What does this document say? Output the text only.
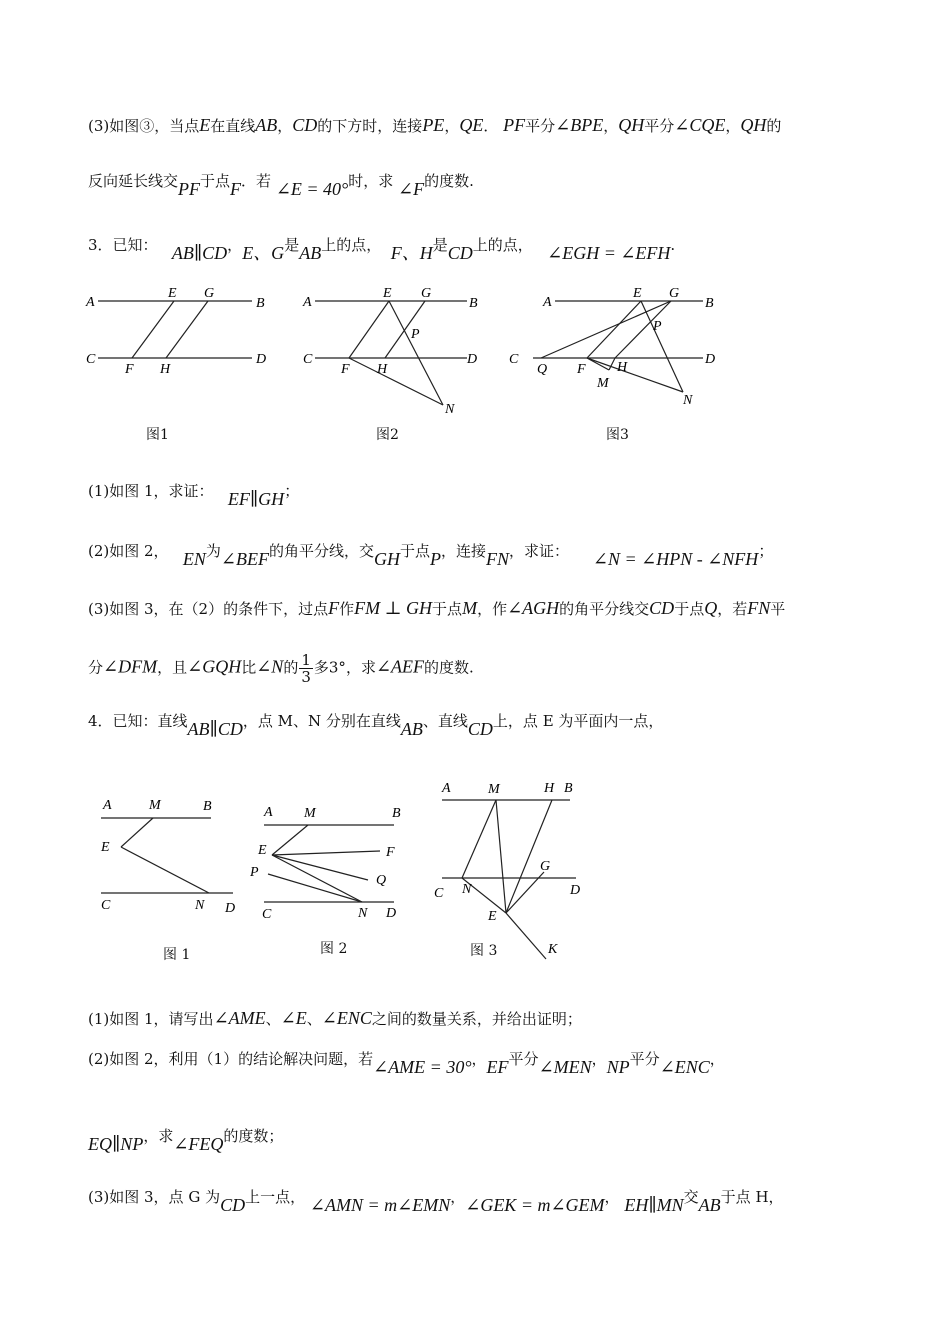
(3)如图③，当点E在直线AB，CD的下方时，连接PE，QE． PF平分∠BPE，QH平分∠CQE，QH的
反向延长线交PF于点F．若 ∠E = 40°时，求 ∠F的度数.
3．已知： AB∥CD，E、G是AB上的点， F、H是CD上的点， ∠EGH = ∠EFH.
A	B
E G
C	D
F H
图1
A	B
E G
P
C	D
F H
N
图2
A	B
E G
P
C	D
Q F H
M
N
图3
(1)如图 1，求证： EF∥GH；
(2)如图 2， EN为∠BEF的角平分线，交GH于点P，连接FN，求证： ∠N = ∠HPN - ∠NFH；
(3)如图 3，在（2）的条件下，过点F作FM ⊥ GH于点M，作∠AGH的角平分线交CD于点Q，若FN平
分∠DFM，且∠GQH比∠N的 $\frac{1}{3}$ 多3°，求∠AEF的度数.
4．已知：直线AB∥CD，点 M、N 分别在直线AB、直线CD上，点 E 为平面内一点，
A	M	B
E
C	N D
图 1
A M	B
E	F
P
Q
C	N D
图 2
A	M	H B
G
C N	D
E
K
图 3
(1)如图 1，请写出∠AME、∠E、∠ENC之间的数量关系，并给出证明；
(2)如图 2，利用（1）的结论解决问题，若∠AME = 30°，EF平分∠MEN，NP平分∠ENC，
EQ∥NP，求∠FEQ的度数；
(3)如图 3，点 G 为CD上一点， ∠AMN = m∠EMN，∠GEK = m∠GEM， EH∥MN交AB于点 H，
